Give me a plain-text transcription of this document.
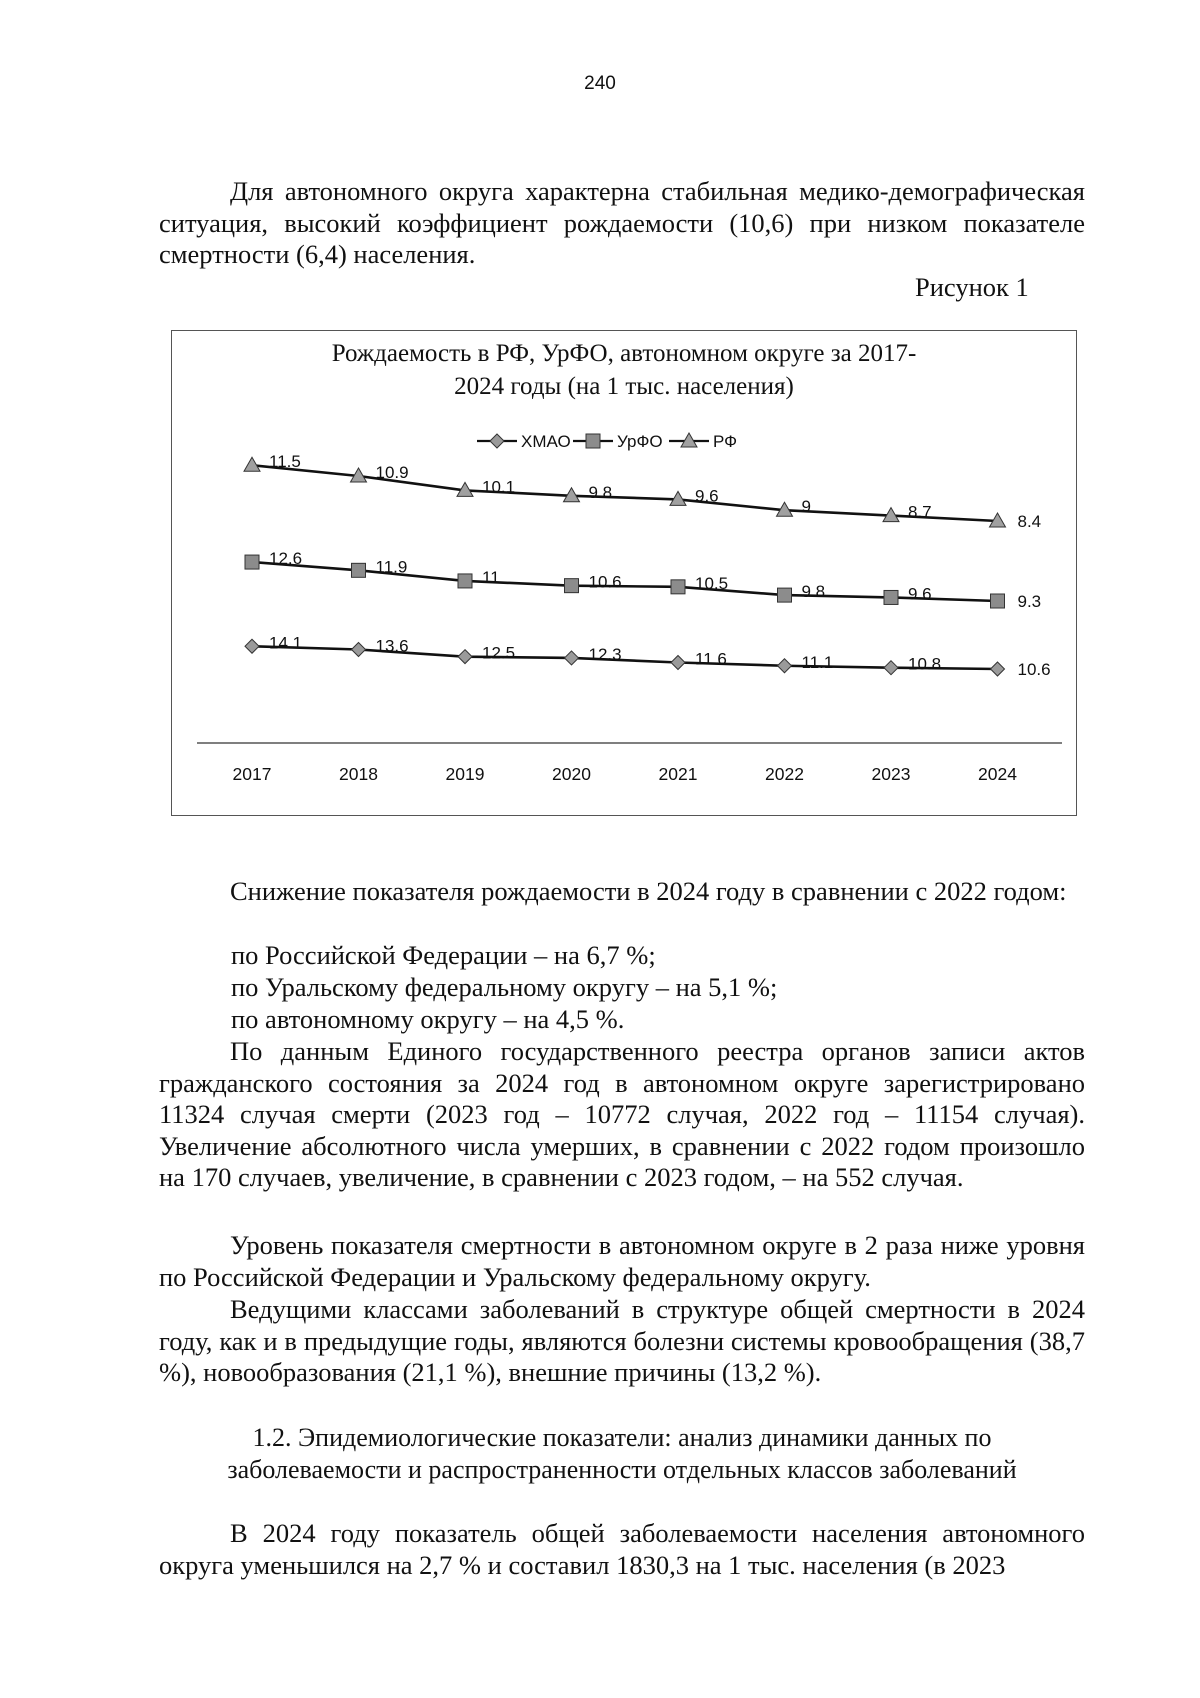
240

Для автономного округа характерна стабильная медико-демографическая ситуация, высокий коэффициент рождаемости (10,6) при низком показателе смертности (6,4) населения.

Рисунок 1
Рождаемость в РФ, УрФО, автономном округе за 2017-
2024 годы (на 1 тыс. населения)
2017	2018	2019	2020	2021	2022	2023	2024
14.1	13.6	12.5	12.3	11.6	11.1	10.8	10.6
12.6	11.9
11	10.6	10.5	9.8	9.6	9.3
11.5
10.9
10.1	9.8	9.6
9	8.7	8.4
ХМАО	УрФО	РФ

Снижение показателя рождаемости в 2024 году в сравнении с 2022 годом:

по Российской Федерации – на 6,7 %;

по Уральскому федеральному округу – на 5,1 %;

по автономному округу – на 4,5 %.

По данным Единого государственного реестра органов записи актов гражданского состояния за 2024 год в автономном округе зарегистрировано 11324 случая смерти (2023 год – 10772 случая, 2022 год – 11154 случая). Увеличение абсолютного числа умерших, в сравнении с 2022 годом произошло на 170 случаев, увеличение, в сравнении с 2023 годом, – на 552 случая.

Уровень показателя смертности в автономном округе в 2 раза ниже уровня по Российской Федерации и Уральскому федеральному округу.

Ведущими классами заболеваний в структуре общей смертности в 2024 году, как и в предыдущие годы, являются болезни системы кровообращения (38,7 %), новообразования (21,1 %), внешние причины (13,2 %).

1.2. Эпидемиологические показатели: анализ динамики данных по

заболеваемости и распространенности отдельных классов заболеваний

В 2024 году показатель общей заболеваемости населения автономного округа уменьшился на 2,7 % и составил 1830,3 на 1 тыс. населения (в 2023
